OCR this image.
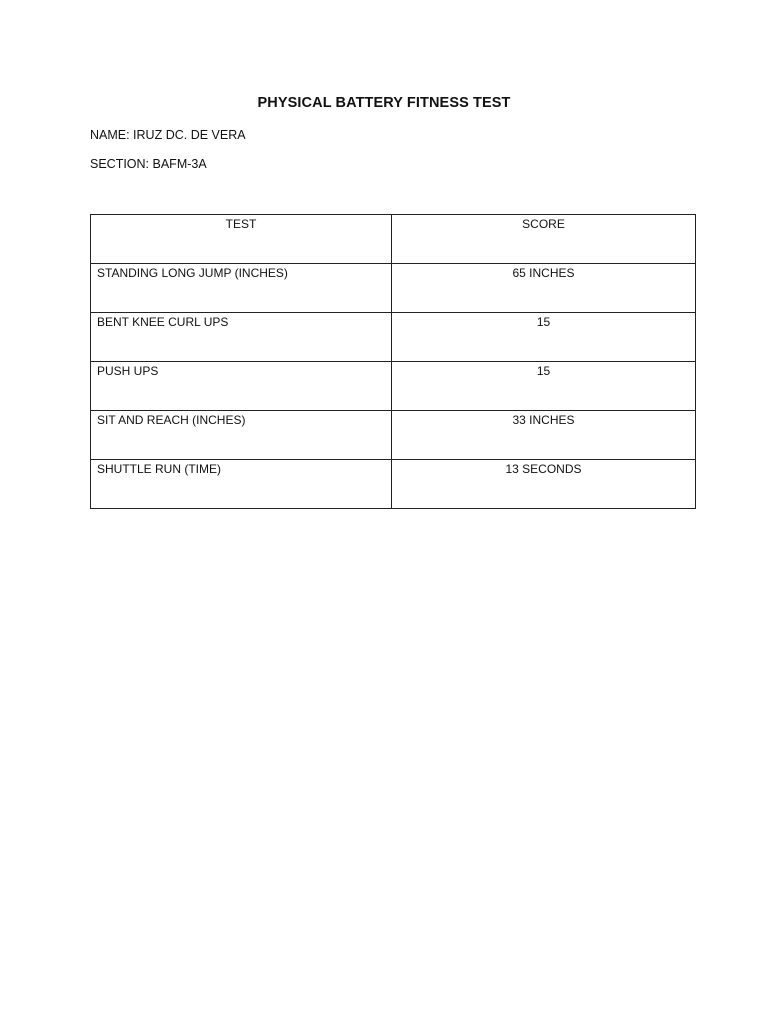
PHYSICAL BATTERY FITNESS TEST
NAME: IRUZ DC. DE VERA
SECTION: BAFM-3A
TEST	SCORE
STANDING LONG JUMP (INCHES)	65 INCHES
BENT KNEE CURL UPS	15
PUSH UPS	15
SIT AND REACH (INCHES)	33 INCHES
SHUTTLE RUN (TIME)	13 SECONDS
